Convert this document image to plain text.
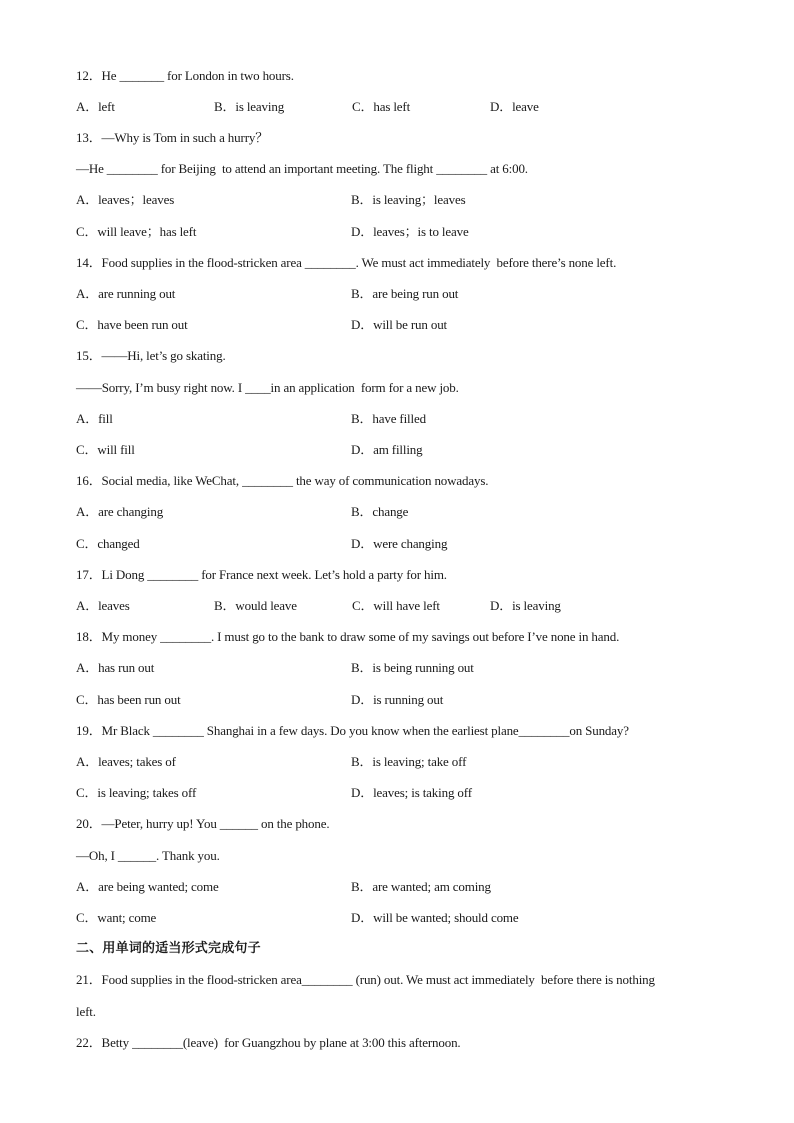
12．He _______ for London in two hours.
A．left	B．is leaving	C．has left	D．leave
13．—Why is Tom in such a hurry？
—He ________ for Beijing  to attend an important meeting. The flight ________ at 6:00.
A．leaves；leaves	B．is leaving；leaves
C．will leave；has left	D．leaves；is to leave
14．Food supplies in the flood-stricken area ________. We must act immediately  before there’s none left.
A．are running out	B．are being run out
C．have been run out	D．will be run out
15．——Hi, let’s go skating.
——Sorry, I’m busy right now. I ____in an application  form for a new job.
A．fill	B．have filled
C．will fill	D．am filling
16．Social media, like WeChat, ________ the way of communication nowadays.
A．are changing	B．change
C．changed	D．were changing
17．Li Dong ________ for France next week. Let’s hold a party for him.
A．leaves	B．would leave	C．will have left	D．is leaving
18．My money ________. I must go to the bank to draw some of my savings out before I’ve none in hand.
A．has run out	B．is being running out
C．has been run out	D．is running out
19．Mr Black ________ Shanghai in a few days. Do you know when the earliest plane________on Sunday?
A．leaves; takes of	B．is leaving; take off
C．is leaving; takes off	D．leaves; is taking off
20．—Peter, hurry up! You ______ on the phone.
—Oh, I ______. Thank you.
A．are being wanted; come	B．are wanted; am coming
C．want; come	D．will be wanted; should come
二、用单词的适当形式完成句子
21．Food supplies in the flood-stricken area________ (run) out. We must act immediately  before there is nothing
left.
22．Betty ________(leave)  for Guangzhou by plane at 3:00 this afternoon.
